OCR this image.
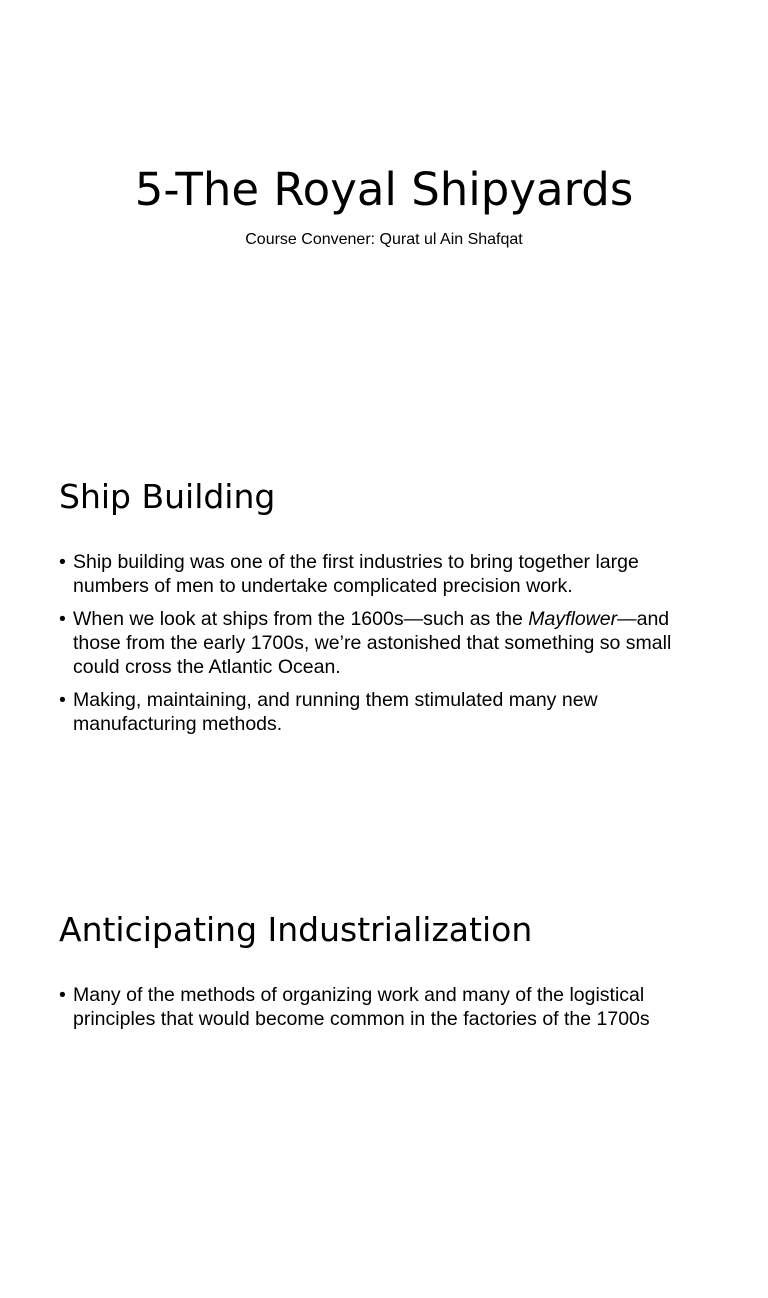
5-The Royal Shipyards
Course Convener: Qurat ul Ain Shafqat
Ship Building
• Ship building was one of the first industries to bring together large
numbers of men to undertake complicated precision work.
• When we look at ships from the 1600s—such as the Mayflower—and
those from the early 1700s, we’re astonished that something so small
could cross the Atlantic Ocean.
• Making, maintaining, and running them stimulated many new
manufacturing methods.
Anticipating Industrialization
• Many of the methods of organizing work and many of the logistical
principles that would become common in the factories of the 1700s
